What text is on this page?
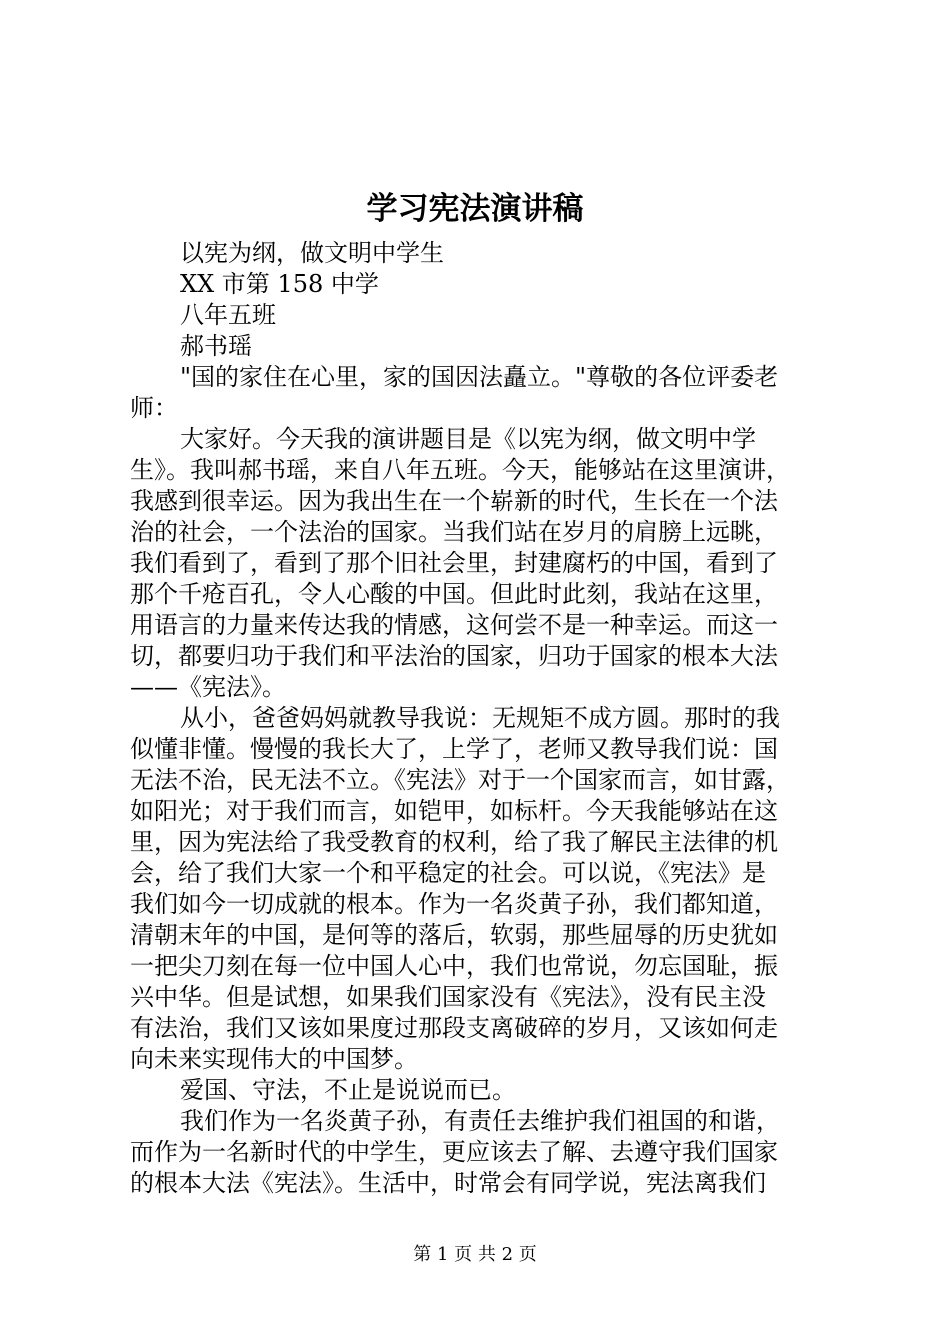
学习宪法演讲稿
以宪为纲，做文明中学生
XX 市第 158 中学
八年五班
郝书瑶
"国的家住在心里，家的国因法矗立。"尊敬的各位评委老
师：
大家好。今天我的演讲题目是《以宪为纲，做文明中学
生》。我叫郝书瑶，来自八年五班。今天，能够站在这里演讲，
我感到很幸运。因为我出生在一个崭新的时代，生长在一个法
治的社会，一个法治的国家。当我们站在岁月的肩膀上远眺，
我们看到了，看到了那个旧社会里，封建腐朽的中国，看到了
那个千疮百孔，令人心酸的中国。但此时此刻，我站在这里，
用语言的力量来传达我的情感，这何尝不是一种幸运。而这一
切，都要归功于我们和平法治的国家，归功于国家的根本大法
——《宪法》。
从小，爸爸妈妈就教导我说：无规矩不成方圆。那时的我
似懂非懂。慢慢的我长大了，上学了，老师又教导我们说：国
无法不治，民无法不立。《宪法》对于一个国家而言，如甘露，
如阳光；对于我们而言，如铠甲，如标杆。今天我能够站在这
里，因为宪法给了我受教育的权利，给了我了解民主法律的机
会，给了我们大家一个和平稳定的社会。可以说，《宪法》是
我们如今一切成就的根本。作为一名炎黄子孙，我们都知道，
清朝末年的中国，是何等的落后，软弱，那些屈辱的历史犹如
一把尖刀刻在每一位中国人心中，我们也常说，勿忘国耻，振
兴中华。但是试想，如果我们国家没有《宪法》，没有民主没
有法治，我们又该如果度过那段支离破碎的岁月，又该如何走
向未来实现伟大的中国梦。
爱国、守法，不止是说说而已。
我们作为一名炎黄子孙，有责任去维护我们祖国的和谐，
而作为一名新时代的中学生，更应该去了解、去遵守我们国家
的根本大法《宪法》。生活中，时常会有同学说，宪法离我们
第 1 页 共 2 页
